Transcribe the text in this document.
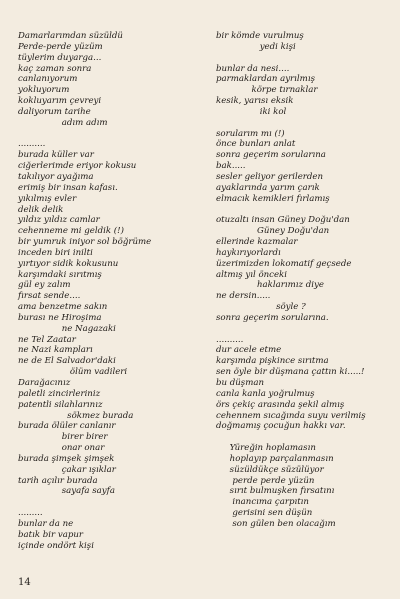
Damarlarımdan süzüldü
Perde-perde yüzüm
tüylerim duyarga...
kaç zaman sonra
canlanıyorum
yokluyorum
kokluyarım çevreyi
daliyorum tarihe
adım adım
..........
burada küller var
ciğerlerimde eriyor kokusu
takılıyor ayağıma
erimiş bir insan kafası.
yıkılmış evler
delik delik
yıldız yıldız camlar
cehenneme mi geldik (!)
bir yumruk iniyor sol böğrüme
inceden biri inilti
yırtıyor sidik kokusunu
karşımdaki sırıtmış
gül ey zalım
fırsat sende....
ama benzetme sakın
burası ne Hiroşima
ne Nagazaki
ne Tel Zaatar
ne Nazi kampları
ne de El Salvador'daki
ölüm vadileri
Darağacınız
paletli zincirleriniz
patentli silahlarınız
sökmez burada
burada ölüler canlanır
birer birer
onar onar
burada şimşek şimşek
çakar ışıklar
tarih açılır burada
sayafa sayfa
.........
bunlar da ne
batık bir vapur
içinde ondört kişi
bir kömde vurulmuş
yedi kişi
bunlar da nesi....
parmaklardan ayrılmış
körpe tırnaklar
kesik, yarısı eksik
iki kol
sorularım mı (!)
önce bunları anlat
sonra geçerim sorularına
bak.....
sesler geliyor gerilerden
ayaklarında yarım çarık
elmacık kemikleri fırlamış
otuzaltı insan Güney Doğu'dan
Güney Doğu'dan
ellerinde kazmalar
haykırıyorlardı
üzerimizden lokomatif geçsede
altmış yıl önceki
haklarımız diye
ne dersin.....
söyle ?
sonra geçerim sorularına.
..........
dur acele etme
karşımda pişkince sırıtma
sen öyle bir düşmana çattın ki.....!
bu düşman
canla kanla yoğrulmuş
örs çekiç arasında şekil almış
cehennem sıcağında suyu verilmiş
doğmamış çocuğun hakkı var.
Yüreğin hoplamasın
hoplayıp parçalanmasın
süzüldükçe süzülüyor
perde perde yüzün
sırıt bulmuşken fırsatını
inancıma çarpıtın
gerisini sen düşün
son gülen ben olacağım
14
